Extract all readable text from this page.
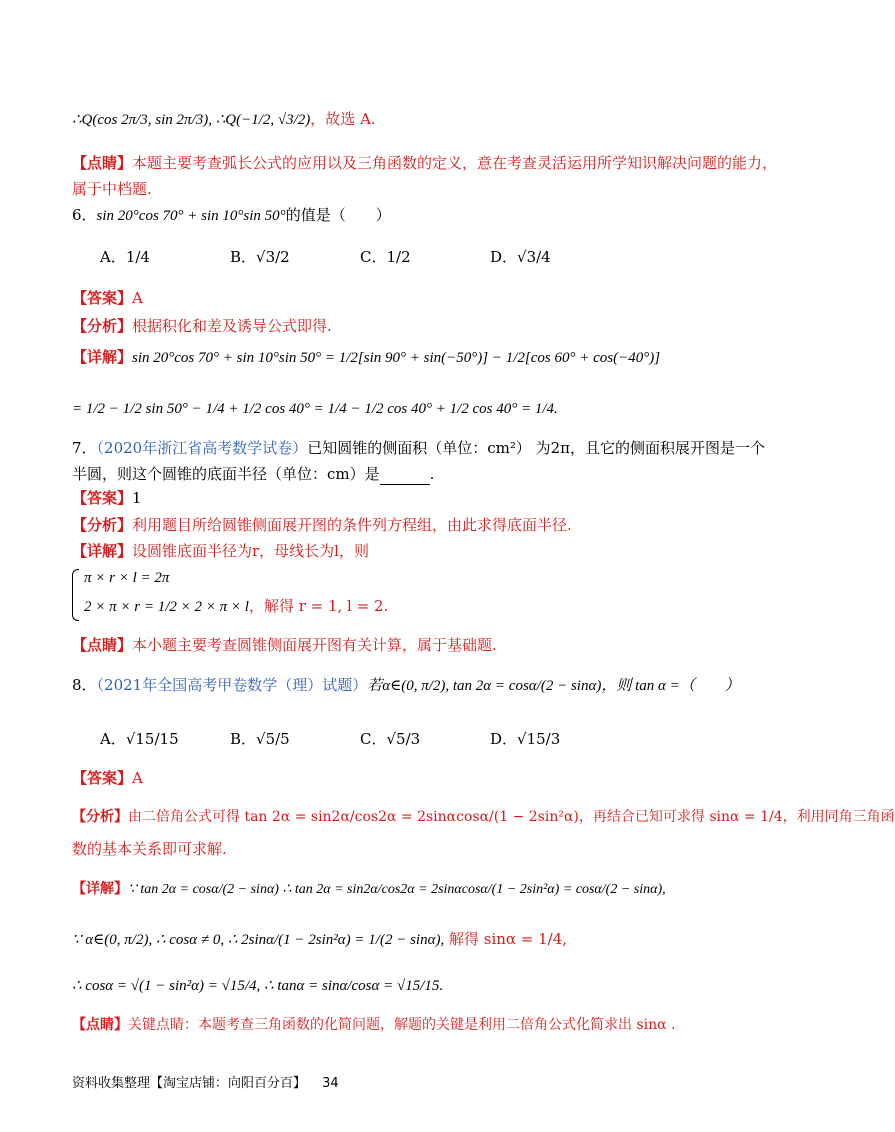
∴Q(cos 2π/3, sin 2π/3), ∴Q(−1/2, √3/2)，故选 A.
【点睛】本题主要考查弧长公式的应用以及三角函数的定义，意在考查灵活运用所学知识解决问题的能力，
属于中档题.
6．sin 20°cos 70° + sin 10°sin 50°的值是（　　）
A．1/4	B．√3/2	C．1/2	D．√3/4
【答案】A
【分析】根据积化和差及诱导公式即得.
【详解】sin 20°cos 70° + sin 10°sin 50° = 1/2[sin 90° + sin(−50°)] − 1/2[cos 60° + cos(−40°)]
= 1/2 − 1/2 sin 50° − 1/4 + 1/2 cos 40° = 1/4 − 1/2 cos 40° + 1/2 cos 40° = 1/4.
7．（2020年浙江省高考数学试卷）已知圆锥的侧面积（单位：cm²） 为2π，且它的侧面积展开图是一个
半圆，则这个圆锥的底面半径（单位：cm）是	.
【答案】1
【分析】利用题目所给圆锥侧面展开图的条件列方程组，由此求得底面半径.
【详解】设圆锥底面半径为r，母线长为l，则
π × r × l = 2π
2 × π × r = 1/2 × 2 × π × l，解得 r = 1, l = 2.
【点睛】本小题主要考查圆锥侧面展开图有关计算，属于基础题.
8．（2021年全国高考甲卷数学（理）试题）若α∈(0, π/2), tan 2α = cosα/(2 − sinα)，则 tan α =（　　）
A．√15/15	B．√5/5	C．√5/3	D．√15/3
【答案】A
【分析】由二倍角公式可得 tan 2α = sin2α/cos2α = 2sinαcosα/(1 − 2sin²α)，再结合已知可求得 sinα = 1/4，利用同角三角函
数的基本关系即可求解.
【详解】∵ tan 2α = cosα/(2 − sinα) ∴ tan 2α = sin2α/cos2α = 2sinαcosα/(1 − 2sin²α) = cosα/(2 − sinα),
∵ α∈(0, π/2), ∴ cosα ≠ 0, ∴ 2sinα/(1 − 2sin²α) = 1/(2 − sinα), 解得 sinα = 1/4,
∴ cosα = √(1 − sin²α) = √15/4, ∴ tanα = sinα/cosα = √15/15.
【点睛】关键点睛：本题考查三角函数的化简问题，解题的关键是利用二倍角公式化简求出 sinα .
资料收集整理【淘宝店铺：向阳百分百】 34
